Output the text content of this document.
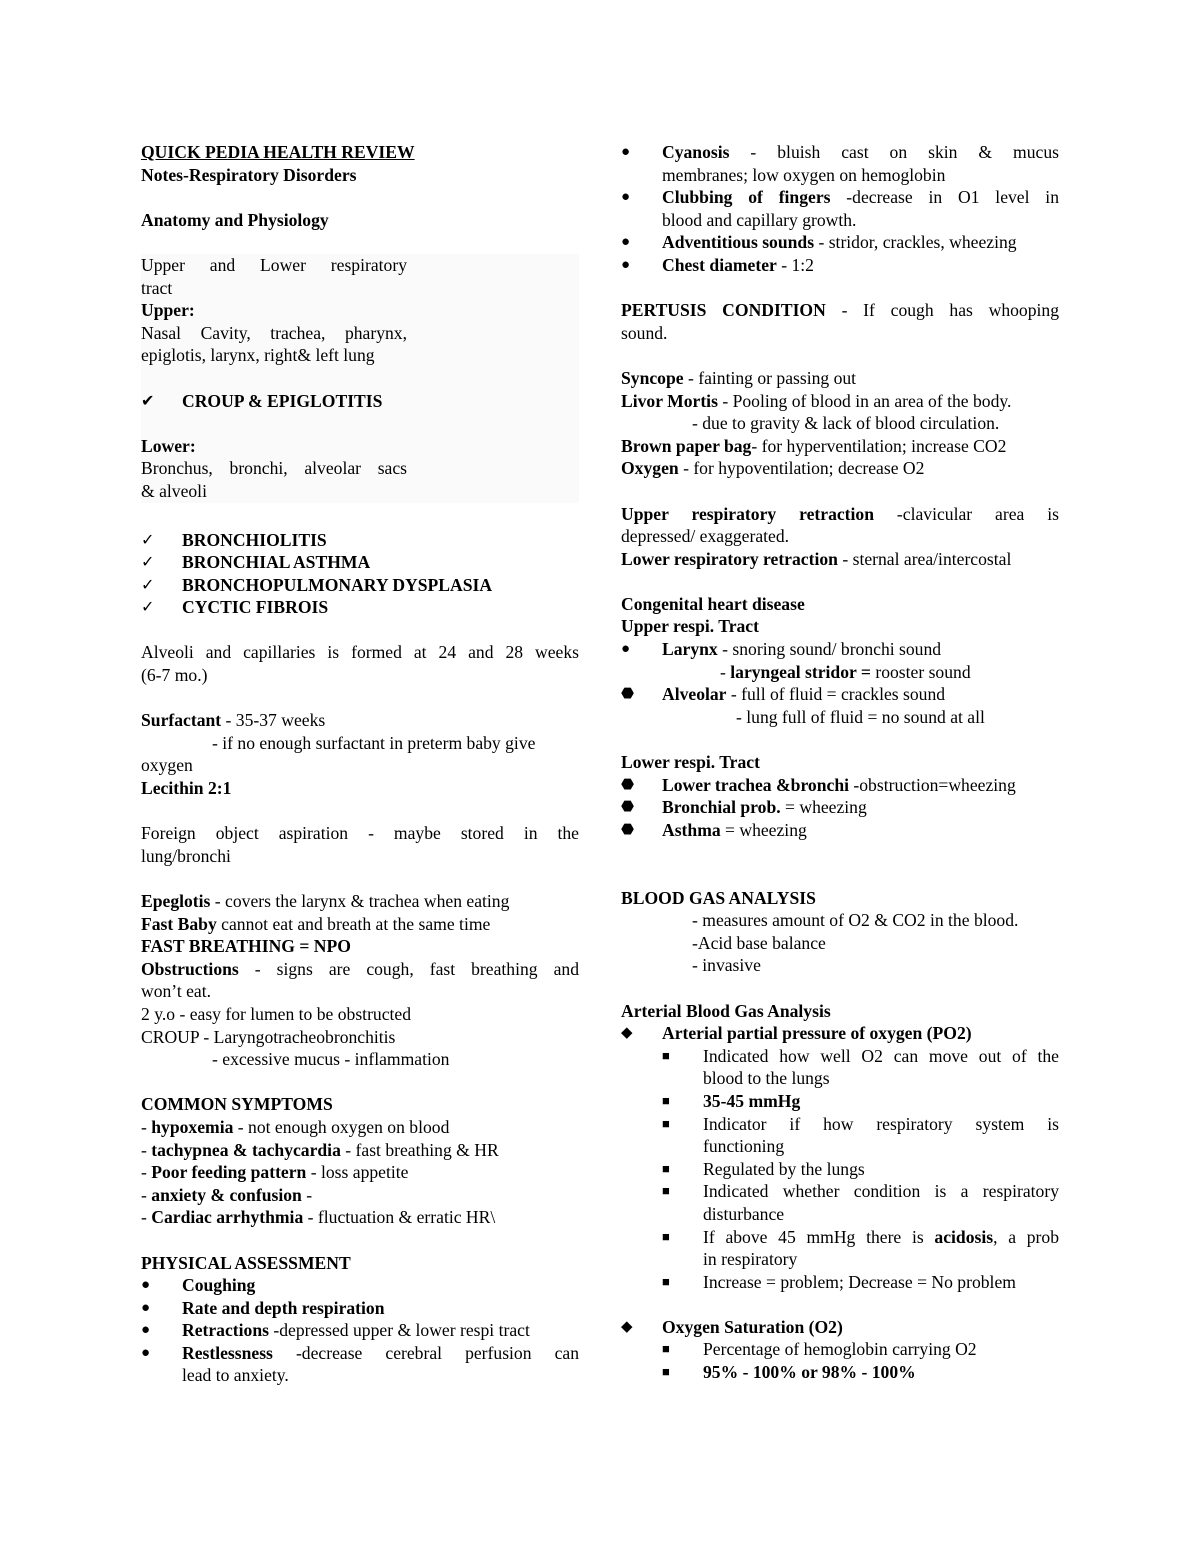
QUICK PEDIA HEALTH REVIEW
Notes-Respiratory Disorders
Anatomy and Physiology
Upper and Lower respiratory
tract
Upper:
Nasal Cavity, trachea, pharynx,
epiglotis, larynx, right& left lung
✔	CROUP & EPIGLOTITIS
Lower:
Bronchus, bronchi, alveolar sacs
& alveoli
✓	BRONCHIOLITIS
✓	BRONCHIAL ASTHMA
✓	BRONCHOPULMONARY DYSPLASIA
✓	CYCTIC FIBROIS
Alveoli and capillaries is formed at 24 and 28 weeks
(6-7 mo.)
Surfactant - 35-37 weeks
- if no enough surfactant in preterm baby give
oxygen
Lecithin 2:1
Foreign object aspiration - maybe stored in the
lung/bronchi
Epeglotis - covers the larynx & trachea when eating
Fast Baby cannot eat and breath at the same time
FAST BREATHING = NPO
Obstructions - signs are cough, fast breathing and
won’t eat.
2 y.o - easy for lumen to be obstructed
CROUP - Laryngotracheobronchitis
- excessive mucus - inflammation
COMMON SYMPTOMS
- hypoxemia - not enough oxygen on blood
- tachypnea & tachycardia - fast breathing & HR
- Poor feeding pattern - loss appetite
- anxiety & confusion -
- Cardiac arrhythmia - fluctuation & erratic HR\
PHYSICAL ASSESSMENT
●	Coughing
●	Rate and depth respiration
●	Retractions -depressed upper & lower respi tract
●	Restlessness -decrease cerebral perfusion can
lead to anxiety.
●	Cyanosis - bluish cast on skin & mucus
membranes; low oxygen on hemoglobin
●	Clubbing of fingers -decrease in O1 level in
blood and capillary growth.
●	Adventitious sounds - stridor, crackles, wheezing
●	Chest diameter - 1:2
PERTUSIS CONDITION - If cough has whooping
sound.
Syncope - fainting or passing out
Livor Mortis - Pooling of blood in an area of the body.
- due to gravity & lack of blood circulation.
Brown paper bag- for hyperventilation; increase CO2
Oxygen - for hypoventilation; decrease O2
Upper respiratory retraction -clavicular area is
depressed/ exaggerated.
Lower respiratory retraction - sternal area/intercostal
Congenital heart disease
Upper respi. Tract
●	Larynx - snoring sound/ bronchi sound
- laryngeal stridor = rooster sound
⬣	Alveolar - full of fluid = crackles sound
- lung full of fluid = no sound at all
Lower respi. Tract
⬣	Lower trachea &bronchi -obstruction=wheezing
⬣	Bronchial prob. = wheezing
⬣	Asthma = wheezing
BLOOD GAS ANALYSIS
- measures amount of O2 & CO2 in the blood.
-Acid base balance
- invasive
Arterial Blood Gas Analysis
◆	Arterial partial pressure of oxygen (PO2)
■	Indicated how well O2 can move out of the
blood to the lungs
■	35-45 mmHg
■	Indicator if how respiratory system is
functioning
■	Regulated by the lungs
■	Indicated whether condition is a respiratory
disturbance
■	If above 45 mmHg there is acidosis, a prob
in respiratory
■	Increase = problem; Decrease = No problem
◆	Oxygen Saturation (O2)
■	Percentage of hemoglobin carrying O2
■	95% - 100% or 98% - 100%
